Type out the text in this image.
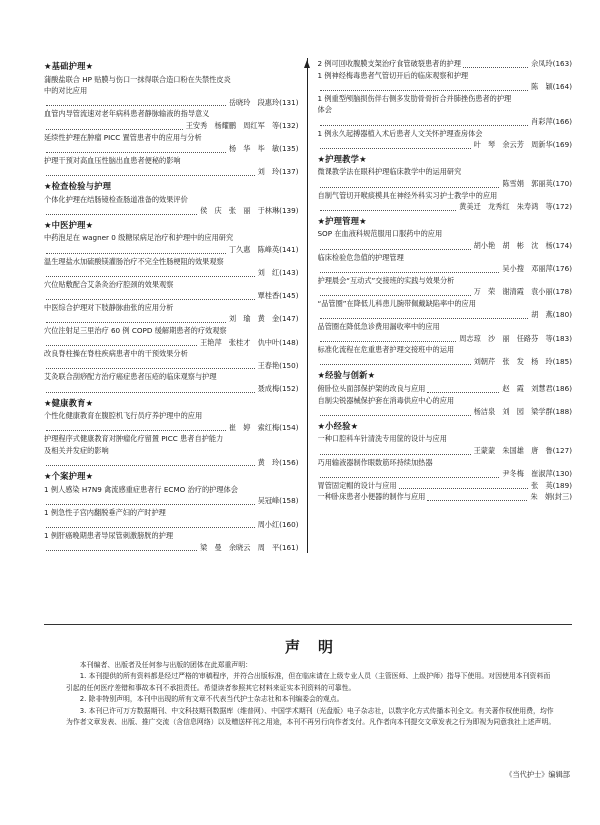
★基础护理★
蒲酸盐联合 HP 贴膜与伤口一抹得联合造口粉在失禁性皮炎
中的对比应用
岳晓玲　段惠玲 (131)
血管内导管流速对老年病科患者静脉输液的指导意义
王安秀　杨耀鹏　周红军　等 (132)
延续性护理在肿瘤 PICC 置管患者中的应用与分析
杨　华　毕　敏 (135)
护理干预对高血压性脑出血患者便秘的影响
刘　玲 (137)
★检查检验与护理
个体化护理在结肠镜检查肠道准备的效果评价
侯　庆　张　丽　于林琳 (139)
★中医护理★
中药泡足在 wagner 0 级糖尿病足治疗和护理中的应用研究
丁久惠　陈峰英 (141)
温生理盐水加硫酸镁灌肠治疗不完全性肠梗阻的效果观察
刘　红 (143)
穴位贴敷配合艾条灸治疗腔颈的效果观察
覃桂香 (145)
中医综合护理对下肢静脉曲张的应用分析
刘　瑜　黄　金 (147)
穴位注射足三里治疗 60 例 COPD 缓解期患者的疗效观察
王艳萍　张桂才　仇中叶 (148)
改良脊柱操在脊柱疾病患者中的干预效果分析
王春艳 (150)
艾灸联合刮痧配方治疗癌症患者压疮的临床观察与护理
聂成梅 (152)
★健康教育★
个性化健康教育在腹腔机飞行员疗养护理中的应用
崔　婷　索红梅 (154)
护理程序式健康教育对肿瘤化疗留置 PICC 患者自护能力
及相关并发症的影响
黄　玲 (156)
★个案护理★
1 例人感染 H7N9 禽流感重症患者行 ECMO 治疗的护理体会
吴冠峰 (158)
1 例急性子宫内翻脱垂产妇的产时护理
周小红 (160)
1 例肝癌晚期患者导尿管刺激膀胱的护理
梁　曼　余晓云　周　平 (161)
2 例可回收腹膜支架治疗食管破裂患者的护理	佘凤玲 (163)
1 例神经梅毒患者气管切开后的临床观察和护理
陈　颖 (164)
1 例重型颅脑损伤伴右侧多发肋骨骨折合并肺挫伤患者的护理
体会
肖彩萍 (166)
1 例永久起搏器植入术后患者人文关怀护理查房体会
叶　琴　余云芳　周新华 (169)
★护理教学★
微课教学法在眼科护理临床教学中的运用研究
陈雪娟　郭丽英 (170)
自制气管切开喉痰模具在神经外科实习护士教学中的应用
黄美迁　龙秀红　朱寿鸿　等 (172)
★护理管理★
SOP 在血液科规范服用口服药中的应用
胡小艳　胡　彬　沈　杨 (174)
临床检验危急值的护理管理
吴小搜　邓丽萍 (176)
护理晨会“互动式”交接班的实践与效果分析
万　荣　谢清霞　袁小丽 (178)
“品管圈”在降低儿科患儿腕带佩戴缺陷率中的应用
胡　燕 (180)
品管圈在降低急诊费用漏收率中的应用
周志琼　沙　丽　任路芬　等 (183)
标准化流程在危重患者护理交接班中的运用
刘朝芹　张　发　杨　玲 (185)
★经验与创新★
俯卧位头面部保护架的改良与应用	赵　霞　刘慧君 (186)
自制尖锐器械保护套在消毒供应中心的应用
杨洁泉　刘　园　梁学群 (188)
★小经验★
一种口腔科车针清洗专用筐的设计与应用
王蒙蒙　朱国雄　唐　鲁 (127)
巧用输液器制作眼数筋环持续加热器
尹冬梅　崔淑萍 (130)
胃管固定帽的设计与应用	张　英 (189)
一种卧床患者小便器的制作与应用	朱　娟 (封三)
声明

本刊编者、出版者及任何参与出版的团体在此郑重声明：

1. 本刊提供的所有资料都是经过严格的审稿程序，并符合出版标准，但在临床请在上级专业人员（主管医师、上级护师）指导下使用。对因使用本刊资料而引起的任何医疗差错和事故本刊不承担责任。希望读者参照其它材料来证实本刊资料的可靠性。

2. 除非特别声明，本刊中出现的所有文章不代表当代护士杂志社和本刊编委会的观点。

3. 本刊已许可万方数据期刊、中文科技期刊数据库（维普网）、中国学术期刊（光盘版）电子杂志社，以数字化方式传播本刊全文。有关著作权使用费，均作为作者文章发表、出版、推广交流（含信息网络）以及赠送样刊之用途，本刊不再另行向作者支付。凡作者向本刊提交文章发表之行为即视为同意我社上述声明。

《当代护士》编辑部
